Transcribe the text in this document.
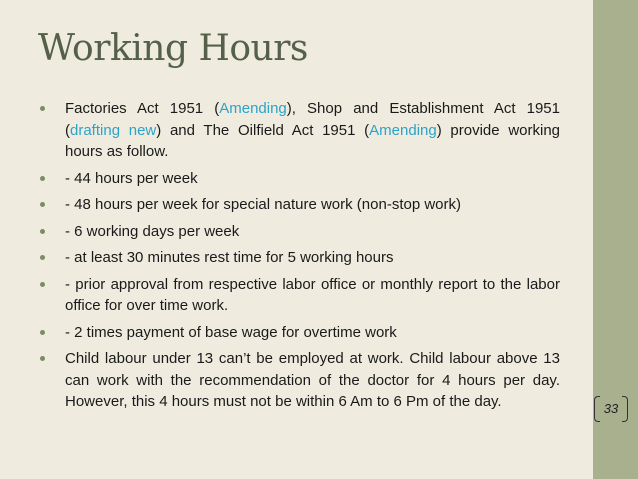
Working Hours
Factories Act 1951 (Amending), Shop and Establishment Act 1951 (drafting new) and The Oilfield Act 1951 (Amending) provide working hours as follow.
- 44 hours per week
- 48 hours per week for special nature work (non-stop work)
- 6 working days per week
- at least 30 minutes rest time for 5 working hours
- prior approval from respective labor office or monthly report to the labor office for over time work.
- 2 times payment of base wage for overtime work
Child labour under 13 can’t be employed at work. Child labour above 13 can work with the recommendation of the doctor for 4 hours per day. However, this 4 hours must not be within 6 Am to 6 Pm of the day.	33
